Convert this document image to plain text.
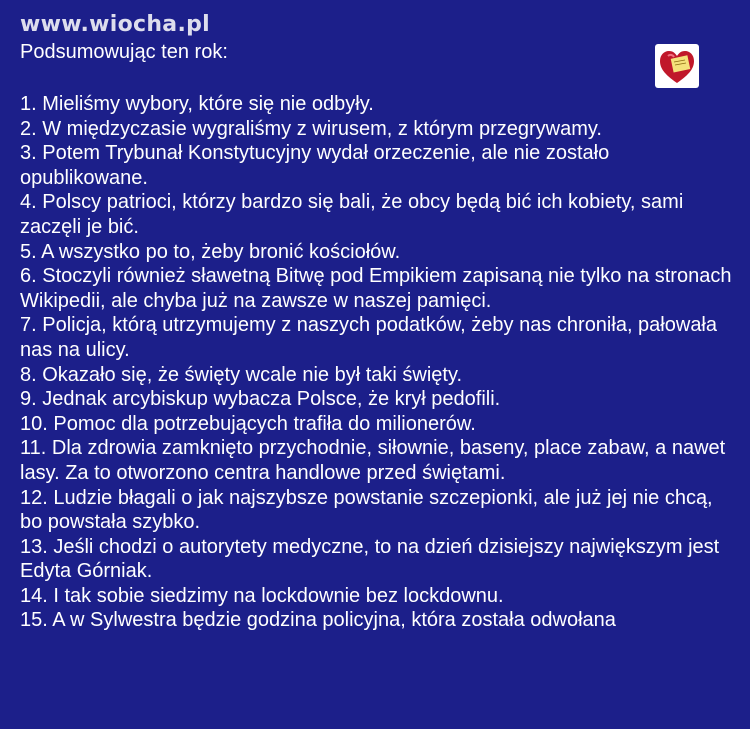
www.wiocha.pl
Podsumowując ten rok:
1. Mieliśmy wybory, które się nie odbyły.
2. W międzyczasie wygraliśmy z wirusem, z którym przegrywamy.
3. Potem Trybunał Konstytucyjny wydał orzeczenie, ale nie zostało opublikowane.
4. Polscy patrioci, którzy bardzo się bali, że obcy będą bić ich kobiety, sami zaczęli je bić.
5. A wszystko po to, żeby bronić kościołów.
6. Stoczyli również sławetną Bitwę pod Empikiem zapisaną nie tylko na stronach Wikipedii, ale chyba już na zawsze w naszej pamięci.
7. Policja, którą utrzymujemy z naszych podatków, żeby nas chroniła, pałowała nas na ulicy.
8. Okazało się, że święty wcale nie był taki święty.
9. Jednak arcybiskup wybacza Polsce, że krył pedofili.
10. Pomoc dla potrzebujących trafiła do milionerów.
11. Dla zdrowia zamknięto przychodnie, siłownie, baseny, place zabaw, a nawet lasy. Za to otworzono centra handlowe przed świętami.
12. Ludzie błagali o jak najszybsze powstanie szczepionki, ale już jej nie chcą, bo powstała szybko.
13. Jeśli chodzi o autorytety medyczne, to na dzień dzisiejszy największym jest Edyta Górniak.
14. I tak sobie siedzimy na lockdownie bez lockdownu.
15. A w Sylwestra będzie godzina policyjna, która została odwołana
